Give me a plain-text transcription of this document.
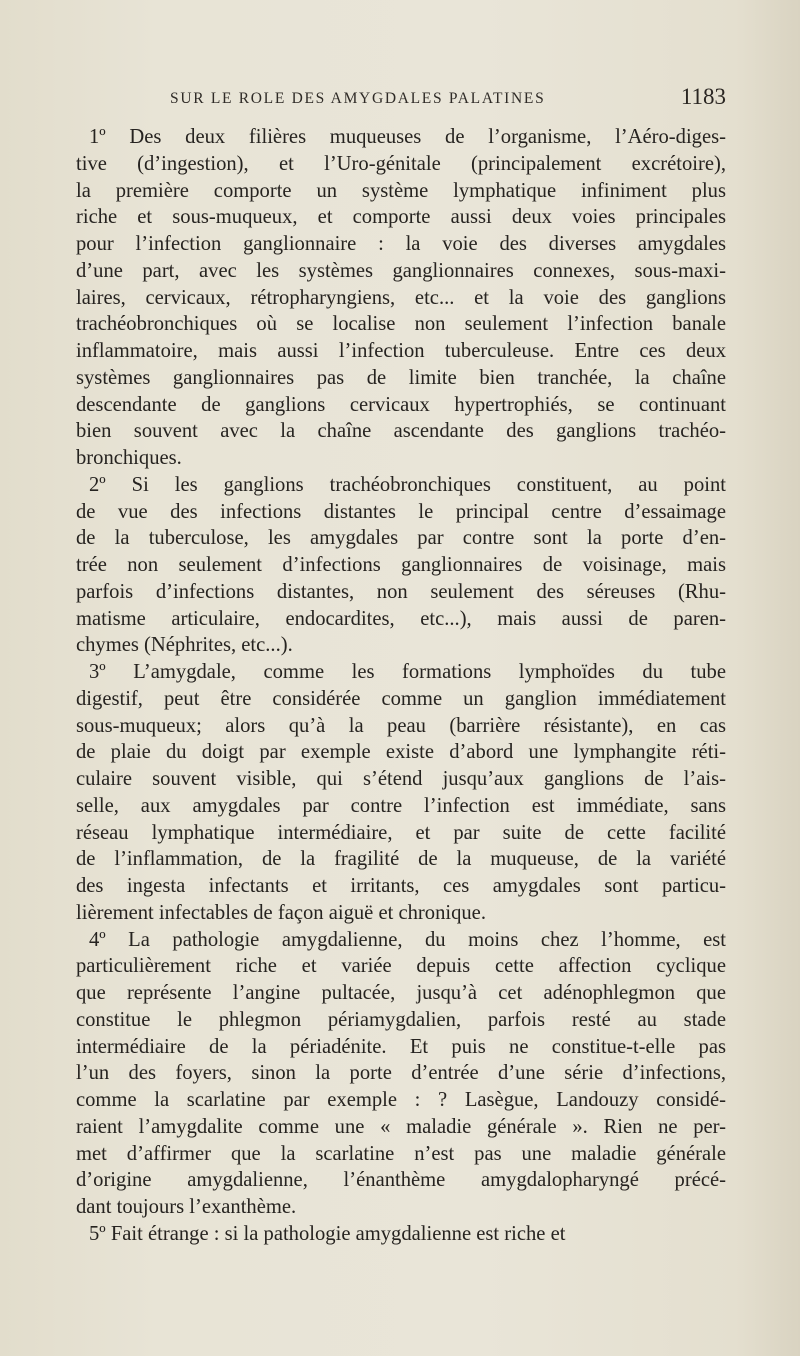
SUR LE ROLE DES AMYGDALES PALATINES	1183
1º Des deux filières muqueuses de l’organisme, l’Aéro-diges-
tive (d’ingestion), et l’Uro-génitale (principalement excrétoire),
la première comporte un système lymphatique infiniment plus
riche et sous-muqueux, et comporte aussi deux voies principales
pour l’infection ganglionnaire : la voie des diverses amygdales
d’une part, avec les systèmes ganglionnaires connexes, sous-maxi-
laires, cervicaux, rétropharyngiens, etc... et la voie des ganglions
trachéobronchiques où se localise non seulement l’infection banale
inflammatoire, mais aussi l’infection tuberculeuse. Entre ces deux
systèmes ganglionnaires pas de limite bien tranchée, la chaîne
descendante de ganglions cervicaux hypertrophiés, se continuant
bien souvent avec la chaîne ascendante des ganglions trachéo-
bronchiques.
2º Si les ganglions trachéobronchiques constituent, au point
de vue des infections distantes le principal centre d’essaimage
de la tuberculose, les amygdales par contre sont la porte d’en-
trée non seulement d’infections ganglionnaires de voisinage, mais
parfois d’infections distantes, non seulement des séreuses (Rhu-
matisme articulaire, endocardites, etc...), mais aussi de paren-
chymes (Néphrites, etc...).
3º L’amygdale, comme les formations lymphoïdes du tube
digestif, peut être considérée comme un ganglion immédiatement
sous-muqueux; alors qu’à la peau (barrière résistante), en cas
de plaie du doigt par exemple existe d’abord une lymphangite réti-
culaire souvent visible, qui s’étend jusqu’aux ganglions de l’ais-
selle, aux amygdales par contre l’infection est immédiate, sans
réseau lymphatique intermédiaire, et par suite de cette facilité
de l’inflammation, de la fragilité de la muqueuse, de la variété
des ingesta infectants et irritants, ces amygdales sont particu-
lièrement infectables de façon aiguë et chronique.
4º La pathologie amygdalienne, du moins chez l’homme, est
particulièrement riche et variée depuis cette affection cyclique
que représente l’angine pultacée, jusqu’à cet adénophlegmon que
constitue le phlegmon périamygdalien, parfois resté au stade
intermédiaire de la périadénite. Et puis ne constitue-t-elle pas
l’un des foyers, sinon la porte d’entrée d’une série d’infections,
comme la scarlatine par exemple : ? Lasègue, Landouzy considé-
raient l’amygdalite comme une « maladie générale ». Rien ne per-
met d’affirmer que la scarlatine n’est pas une maladie générale
d’origine amygdalienne, l’énanthème amygdalopharyngé précé-
dant toujours l’exanthème.
5º Fait étrange : si la pathologie amygdalienne est riche et
